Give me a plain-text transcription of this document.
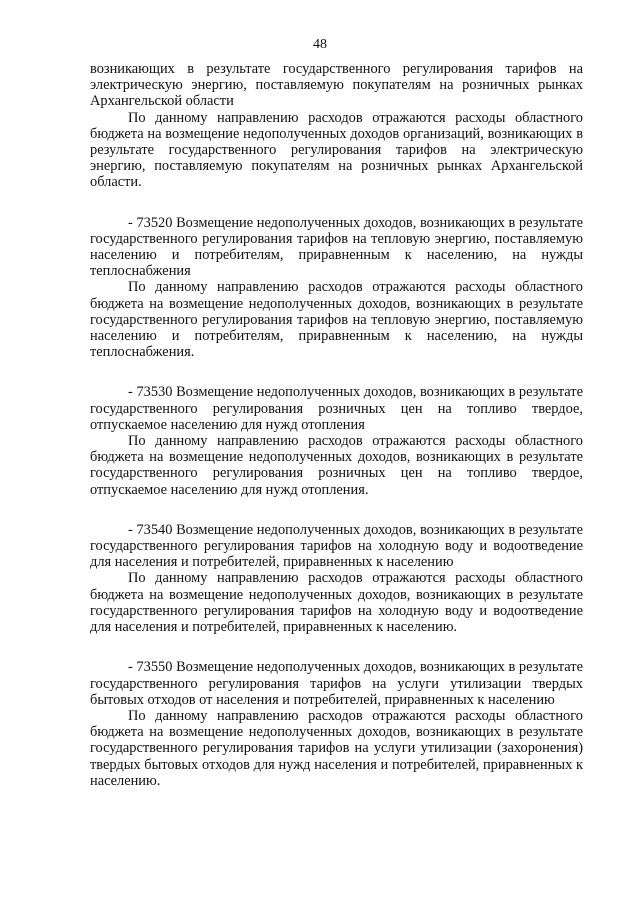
48

возникающих в результате государственного регулирования тарифов на электрическую энергию, поставляемую покупателям на розничных рынках Архангельской области

По данному направлению расходов отражаются расходы областного бюджета на возмещение недополученных доходов организаций, возникающих в результате государственного регулирования тарифов на электрическую энергию, поставляемую покупателям на розничных рынках Архангельской области.

- 73520 Возмещение недополученных доходов, возникающих в результате государственного регулирования тарифов на тепловую энергию, поставляемую населению и потребителям, приравненным к населению, на нужды теплоснабжения

По данному направлению расходов отражаются расходы областного бюджета на возмещение недополученных доходов, возникающих в результате государственного регулирования тарифов на тепловую энергию, поставляемую населению и потребителям, приравненным к населению, на нужды теплоснабжения.

- 73530 Возмещение недополученных доходов, возникающих в результате государственного регулирования розничных цен на топливо твердое, отпускаемое населению для нужд отопления

По данному направлению расходов отражаются расходы областного бюджета на возмещение недополученных доходов, возникающих в результате государственного регулирования розничных цен на топливо твердое, отпускаемое населению для нужд отопления.

- 73540 Возмещение недополученных доходов, возникающих в результате государственного регулирования тарифов на холодную воду и водоотведение для населения и потребителей, приравненных к населению

По данному направлению расходов отражаются расходы областного бюджета на возмещение недополученных доходов, возникающих в результате государственного регулирования тарифов на холодную воду и водоотведение для населения и потребителей, приравненных к населению.

- 73550 Возмещение недополученных доходов, возникающих в результате государственного регулирования тарифов на услуги утилизации твердых бытовых отходов от населения и потребителей, приравненных к населению

По данному направлению расходов отражаются расходы областного бюджета на возмещение недополученных доходов, возникающих в результате государственного регулирования тарифов на услуги утилизации (захоронения) твердых бытовых отходов для нужд населения и потребителей, приравненных к населению.
